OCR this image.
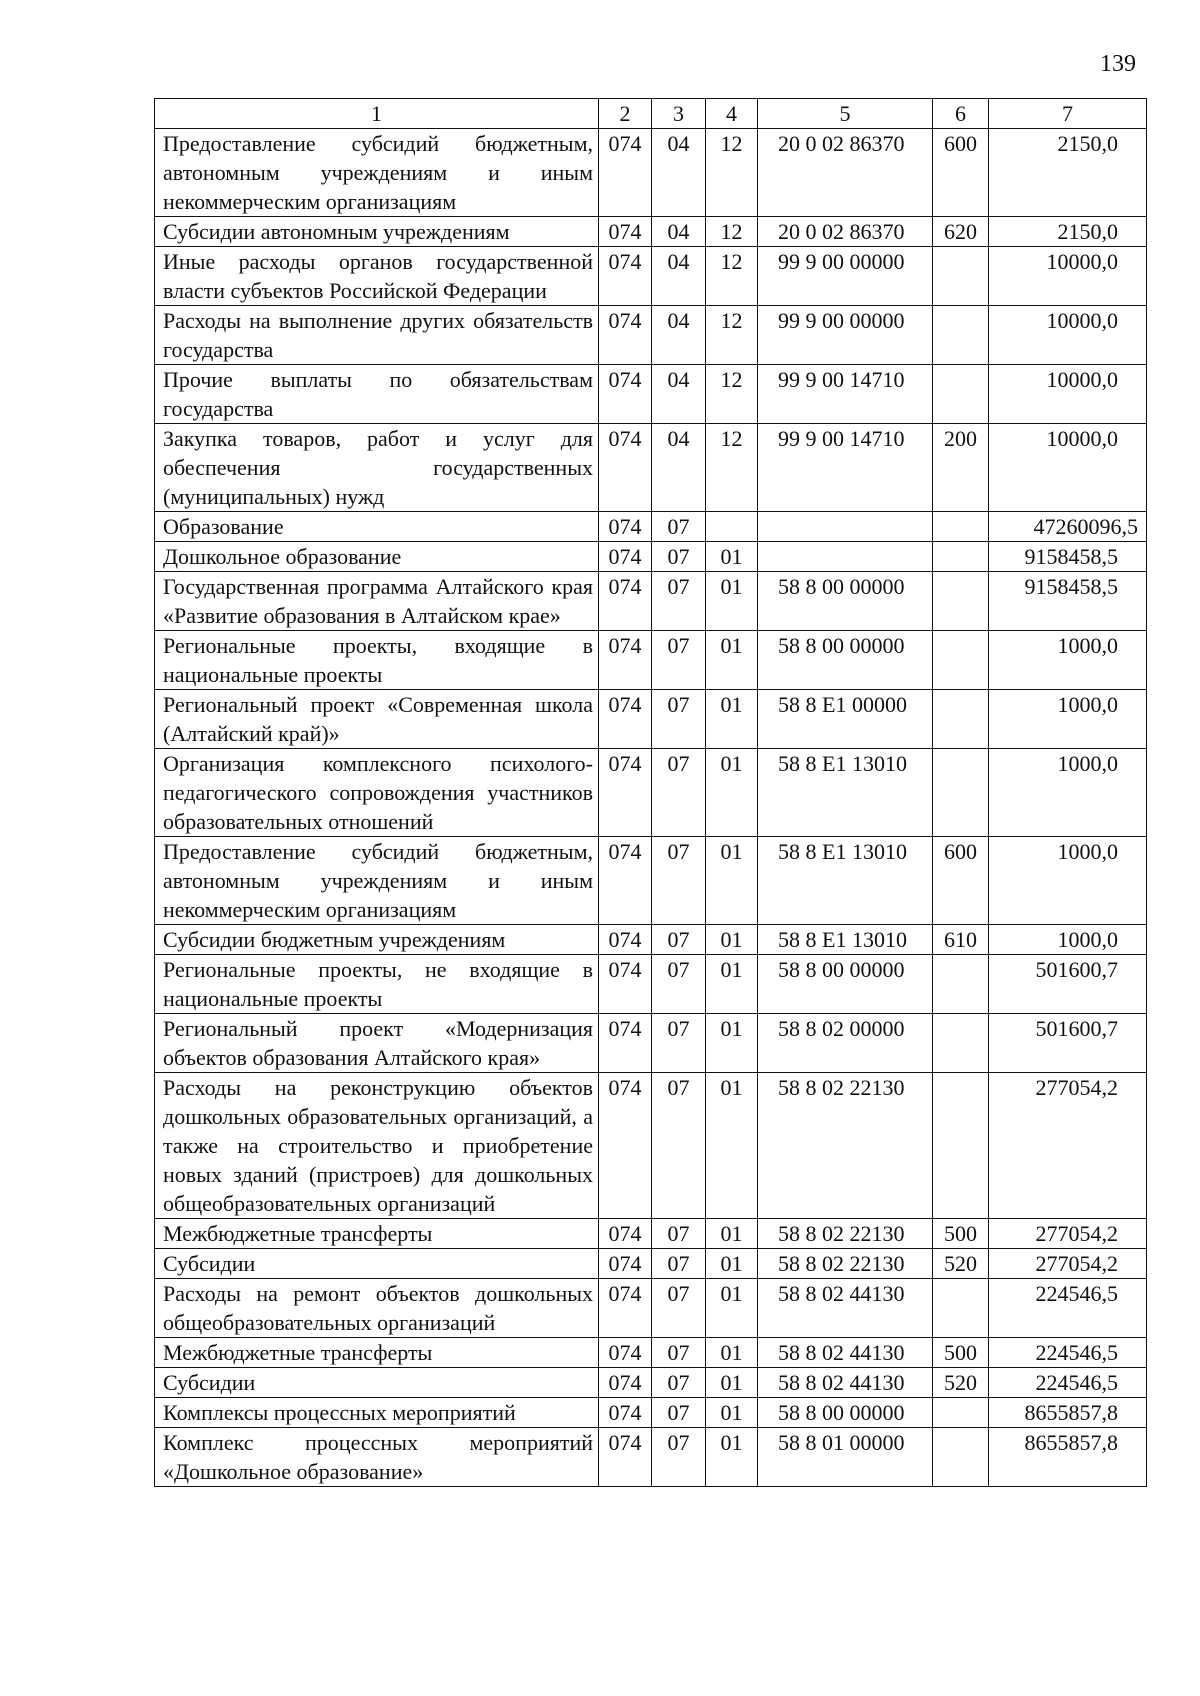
139
1	2	3	4	5	6	7
Предоставление субсидий бюджетным, автономным учреждениям и иным некоммерческим организациям	074	04	12	20 0 02 86370	600	2150,0
Субсидии автономным учреждениям	074	04	12	20 0 02 86370	620	2150,0
Иные расходы органов государственной власти субъектов Российской Федерации	074	04	12	99 9 00 00000		10000,0
Расходы на выполнение других обязательств государства	074	04	12	99 9 00 00000		10000,0
Прочие выплаты по обязательствам государства	074	04	12	99 9 00 14710		10000,0
Закупка товаров, работ и услуг для обеспечения государственных (муниципальных) нужд	074	04	12	99 9 00 14710	200	10000,0
Образование	074	07				47260096,5
Дошкольное образование	074	07	01			9158458,5
Государственная программа Алтайского края «Развитие образования в Алтайском крае»	074	07	01	58 8 00 00000		9158458,5
Региональные проекты, входящие в национальные проекты	074	07	01	58 8 00 00000		1000,0
Региональный проект «Современная школа (Алтайский край)»	074	07	01	58 8 E1 00000		1000,0
Организация комплексного психолого-педагогического сопровождения участников образовательных отношений	074	07	01	58 8 E1 13010		1000,0
Предоставление субсидий бюджетным, автономным учреждениям и иным некоммерческим организациям	074	07	01	58 8 E1 13010	600	1000,0
Субсидии бюджетным учреждениям	074	07	01	58 8 E1 13010	610	1000,0
Региональные проекты, не входящие в национальные проекты	074	07	01	58 8 00 00000		501600,7
Региональный проект «Модернизация объектов образования Алтайского края»	074	07	01	58 8 02 00000		501600,7
Расходы на реконструкцию объектов дошкольных образовательных организаций, а также на строительство и приобретение новых зданий (пристроев) для дошкольных общеобразовательных организаций	074	07	01	58 8 02 22130		277054,2
Межбюджетные трансферты	074	07	01	58 8 02 22130	500	277054,2
Субсидии	074	07	01	58 8 02 22130	520	277054,2
Расходы на ремонт объектов дошкольных общеобразовательных организаций	074	07	01	58 8 02 44130		224546,5
Межбюджетные трансферты	074	07	01	58 8 02 44130	500	224546,5
Субсидии	074	07	01	58 8 02 44130	520	224546,5
Комплексы процессных мероприятий	074	07	01	58 8 00 00000		8655857,8
Комплекс процессных мероприятий «Дошкольное образование»	074	07	01	58 8 01 00000		8655857,8
